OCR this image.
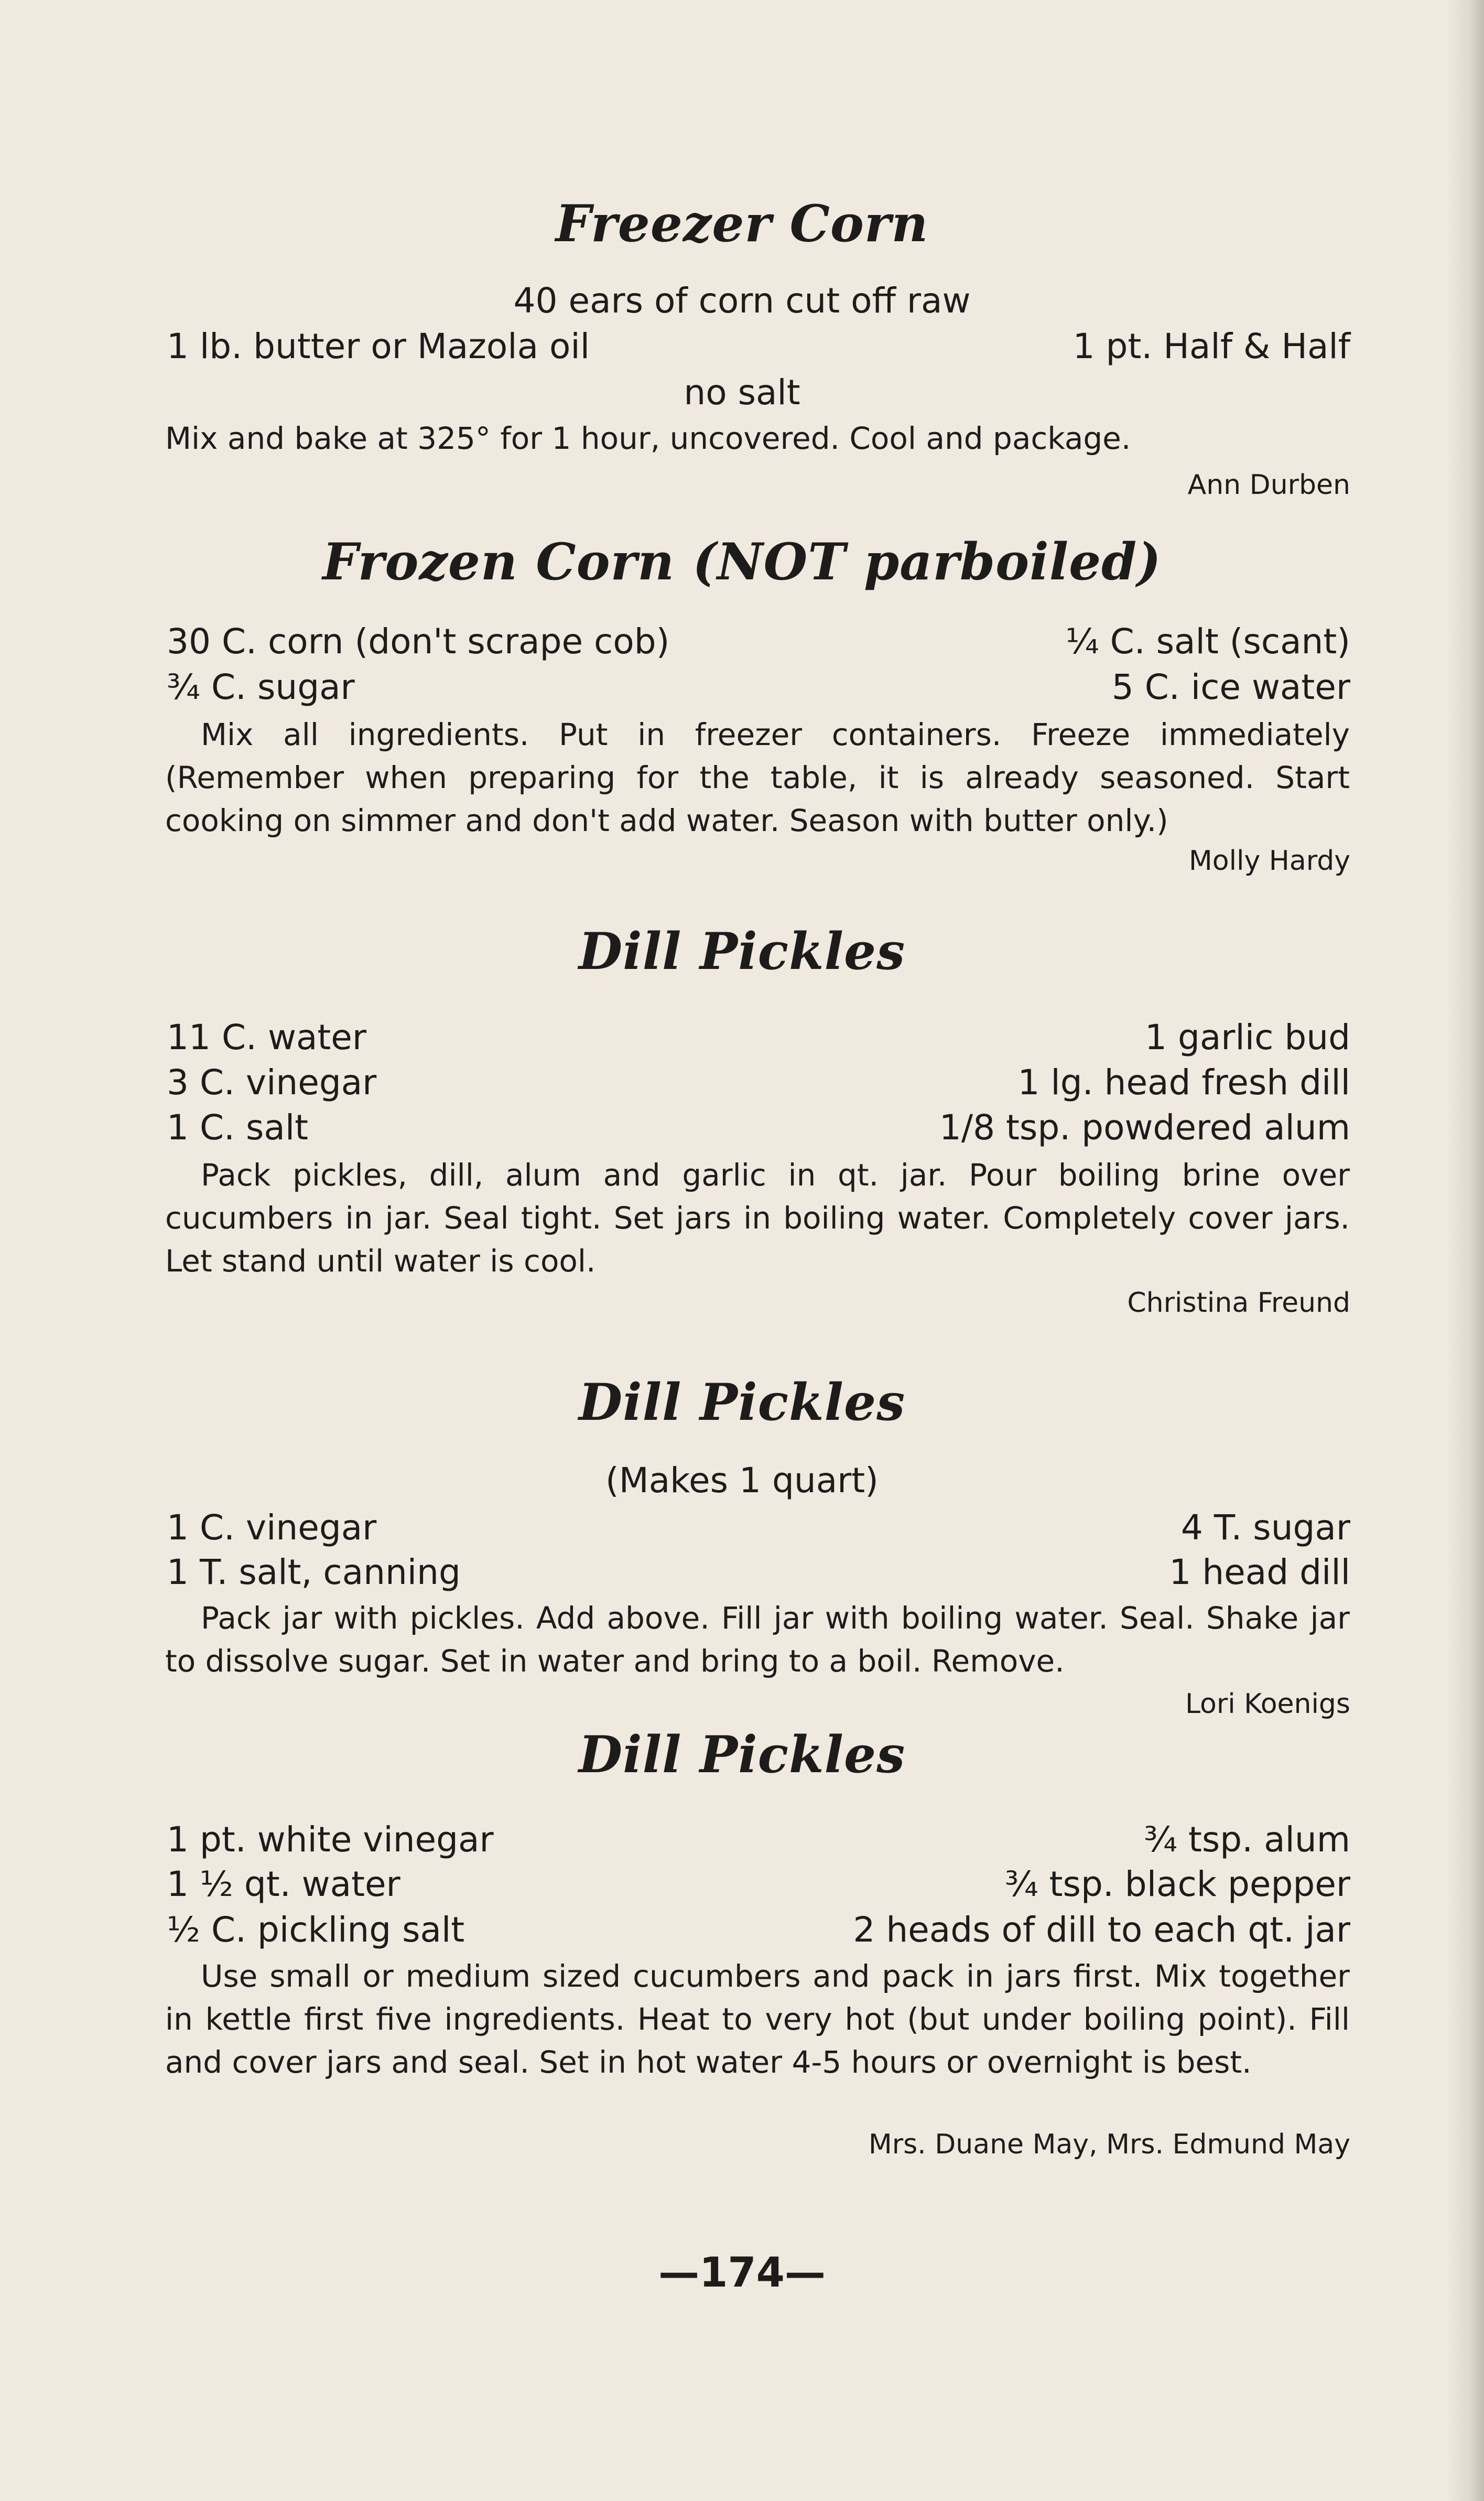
Freezer Corn
40 ears of corn cut off raw
1 lb. butter or Mazola oil	1 pt. Half & Half
no salt
Mix and bake at 325° for 1 hour, uncovered. Cool and package.
Ann Durben
Frozen Corn (NOT parboiled)
30 C. corn (don't scrape cob)	¼ C. salt (scant)
¾ C. sugar	5 C. ice water
Mix all ingredients. Put in freezer containers. Freeze immediately (Remember when preparing for the table, it is already seasoned. Start cooking on simmer and don't add water. Season with butter only.)
Molly Hardy
Dill Pickles
11 C. water	1 garlic bud
3 C. vinegar	1 lg. head fresh dill
1 C. salt	1/8 tsp. powdered alum
Pack pickles, dill, alum and garlic in qt. jar. Pour boiling brine over cucumbers in jar. Seal tight. Set jars in boiling water. Completely cover jars. Let stand until water is cool.
Christina Freund
Dill Pickles
(Makes 1 quart)
1 C. vinegar	4 T. sugar
1 T. salt, canning	1 head dill
Pack jar with pickles. Add above. Fill jar with boiling water. Seal. Shake jar to dissolve sugar. Set in water and bring to a boil. Remove.
Lori Koenigs
Dill Pickles
1 pt. white vinegar	¾ tsp. alum
1 ½ qt. water	¾ tsp. black pepper
½ C. pickling salt	2 heads of dill to each qt. jar
Use small or medium sized cucumbers and pack in jars first. Mix together in kettle first five ingredients. Heat to very hot (but under boiling point). Fill and cover jars and seal. Set in hot water 4-5 hours or overnight is best.
Mrs. Duane May, Mrs. Edmund May
—174—
